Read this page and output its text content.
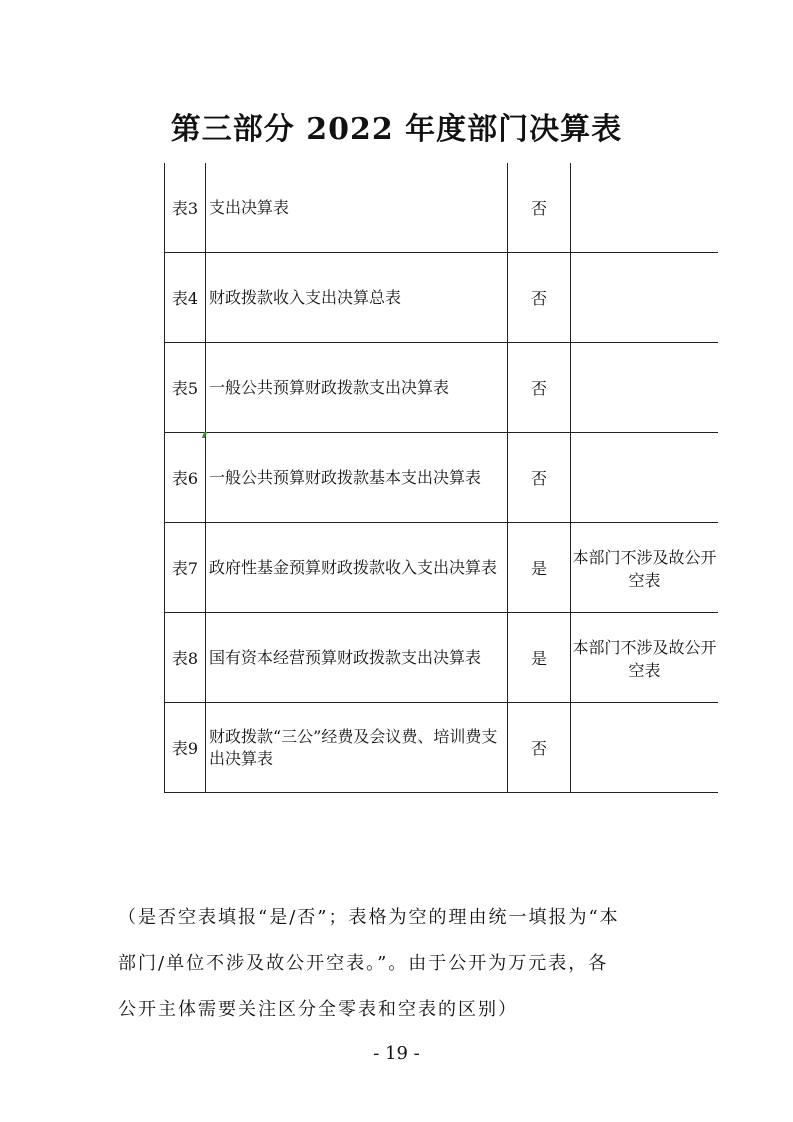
第三部分 2022 年度部门决算表
表3	支出决算表	否	
表4	财政拨款收入支出决算总表	否	
表5	一般公共预算财政拨款支出决算表	否	
表6	一般公共预算财政拨款基本支出决算表	否	
表7	政府性基金预算财政拨款收入支出决算表	是	本部门不涉及故公开空表
表8	国有资本经营预算财政拨款支出决算表	是	本部门不涉及故公开空表
表9	财政拨款“三公”经费及会议费、培训费支出决算表	否	

（是否空表填报“是/否”；表格为空的理由统一填报为“本

部门/单位不涉及故公开空表。”。由于公开为万元表，各

公开主体需要关注区分全零表和空表的区别）

- 19 -
